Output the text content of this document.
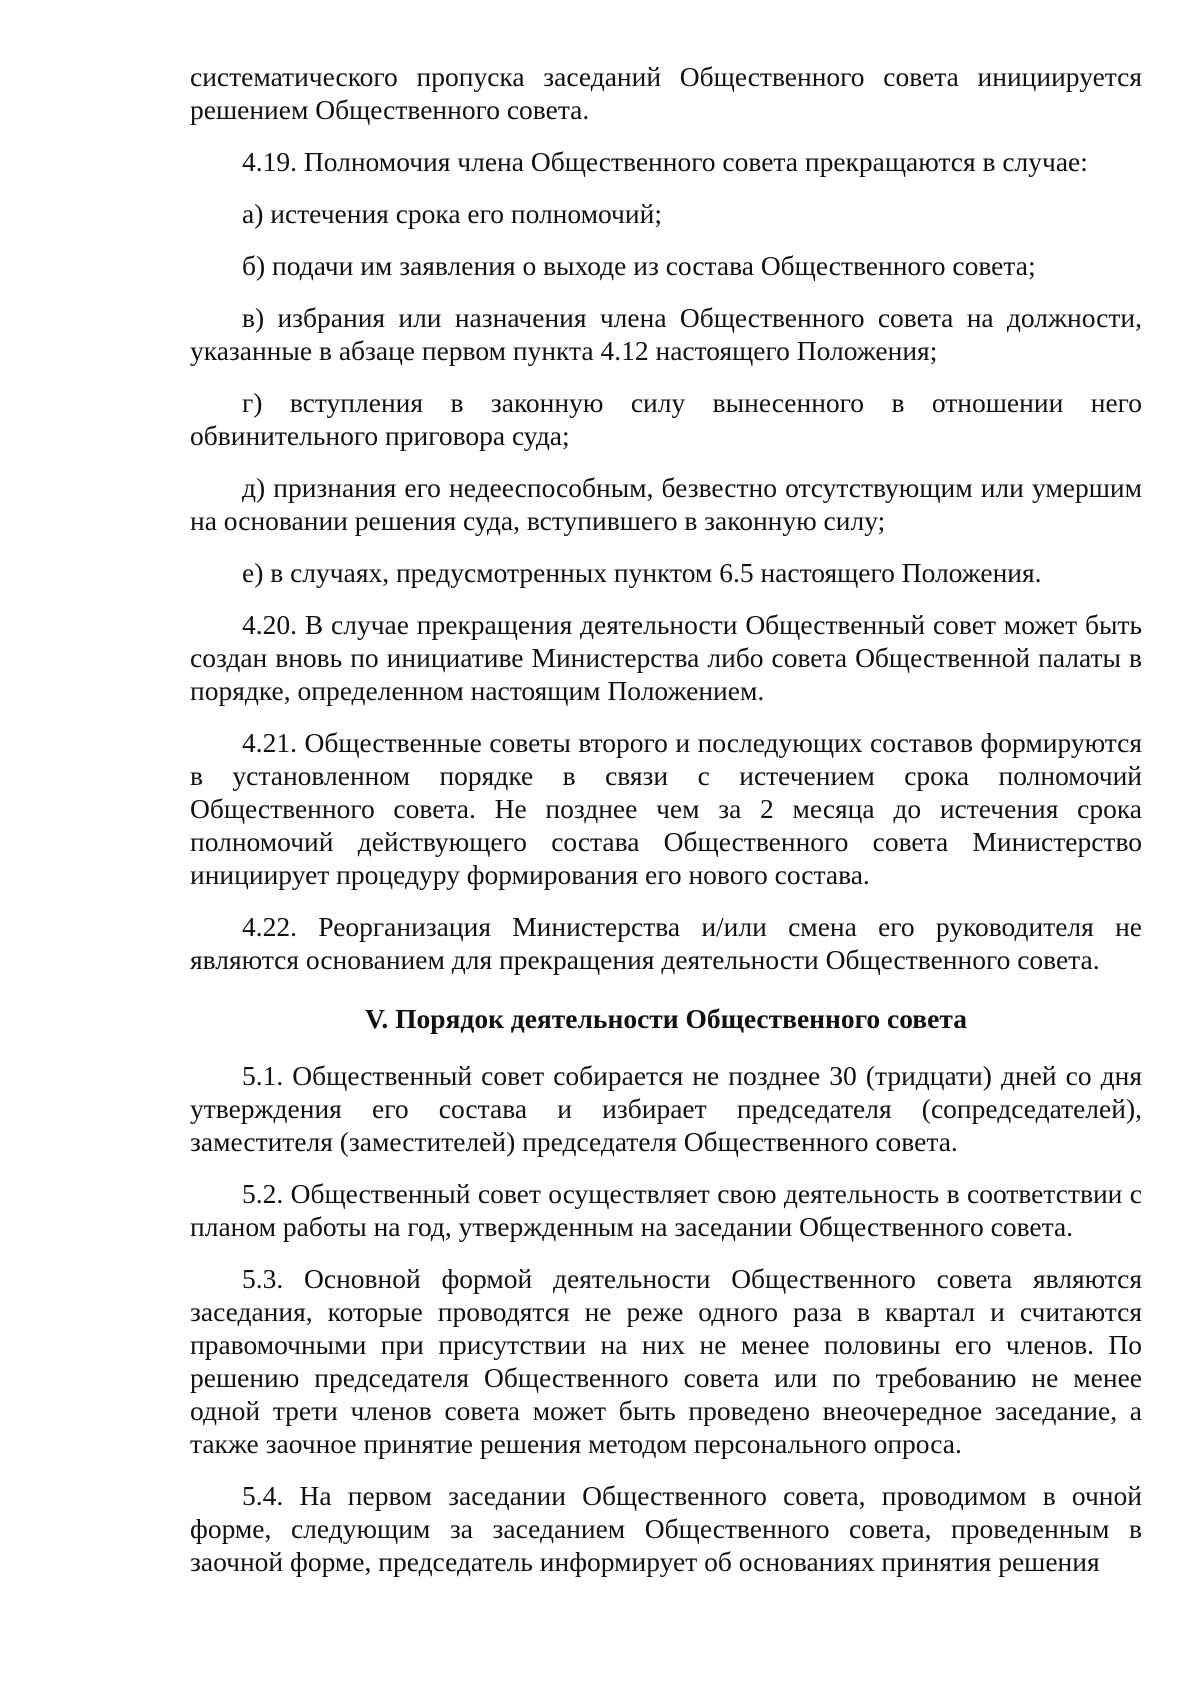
систематического пропуска заседаний Общественного совета инициируется решением Общественного совета.

4.19. Полномочия члена Общественного совета прекращаются в случае:

а) истечения срока его полномочий;

б) подачи им заявления о выходе из состава Общественного совета;

в) избрания или назначения члена Общественного совета на должности, указанные в абзаце первом пункта 4.12 настоящего Положения;

г) вступления в законную силу вынесенного в отношении него обвинительного приговора суда;

д) признания его недееспособным, безвестно отсутствующим или умершим на основании решения суда, вступившего в законную силу;

е) в случаях, предусмотренных пунктом 6.5 настоящего Положения.

4.20. В случае прекращения деятельности Общественный совет может быть создан вновь по инициативе Министерства либо совета Общественной палаты в порядке, определенном настоящим Положением.

4.21. Общественные советы второго и последующих составов формируются в установленном порядке в связи с истечением срока полномочий Общественного совета. Не позднее чем за 2 месяца до истечения срока полномочий действующего состава Общественного совета Министерство инициирует процедуру формирования его нового состава.

4.22. Реорганизация Министерства и/или смена его руководителя не являются основанием для прекращения деятельности Общественного совета.

V. Порядок деятельности Общественного совета

5.1. Общественный совет собирается не позднее 30 (тридцати) дней со дня утверждения его состава и избирает председателя (сопредседателей), заместителя (заместителей) председателя Общественного совета.

5.2. Общественный совет осуществляет свою деятельность в соответствии с планом работы на год, утвержденным на заседании Общественного совета.

5.3. Основной формой деятельности Общественного совета являются заседания, которые проводятся не реже одного раза в квартал и считаются правомочными при присутствии на них не менее половины его членов. По решению председателя Общественного совета или по требованию не менее одной трети членов совета может быть проведено внеочередное заседание, а также заочное принятие решения методом персонального опроса.

5.4. На первом заседании Общественного совета, проводимом в очной форме, следующим за заседанием Общественного совета, проведенным в заочной форме, председатель информирует об основаниях принятия решения
